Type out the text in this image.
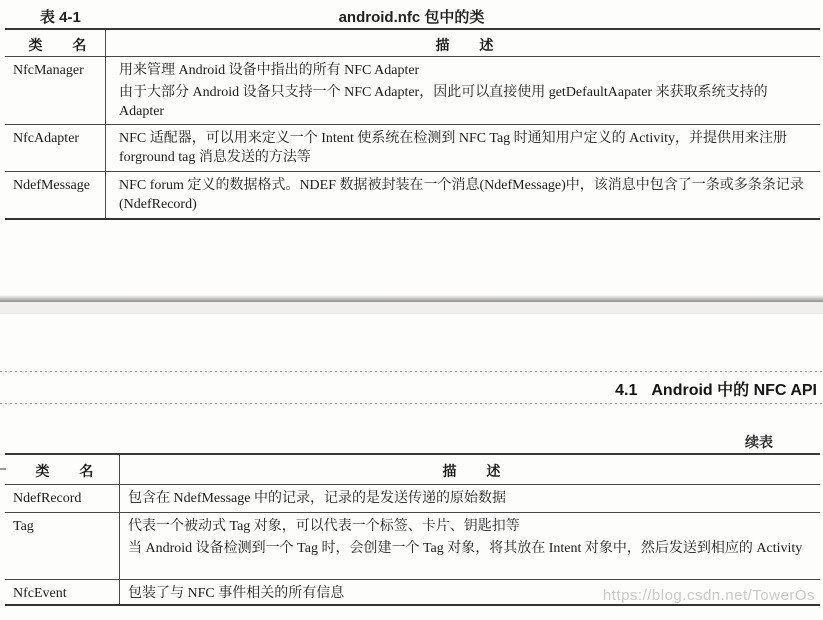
表 4-1	android.nfc 包中的类
类 名	描 述
NfcManager	用来管理 Android 设备中指出的所有 NFC Adapter

由于大部分 Android 设备只支持一个 NFC Adapter，因此可以直接使用 getDefaultAapater 来获取系统支持的 Adapter

NfcAdapter	NFC 适配器，可以用来定义一个 Intent 使系统在检测到 NFC Tag 时通知用户定义的 Activity，并提供用来注册 forground tag 消息发送的方法等

NdefMessage	NFC forum 定义的数据格式。NDEF 数据被封装在一个消息(NdefMessage)中，该消息中包含了一条或多条条记录(NdefRecord)

4.1 Android 中的 NFC API
续表
类 名	描 述
NdefRecord	包含在 NdefMessage 中的记录，记录的是发送传递的原始数据

Tag	代表一个被动式 Tag 对象，可以代表一个标签、卡片、钥匙扣等

当 Android 设备检测到一个 Tag 时，会创建一个 Tag 对象，将其放在 Intent 对象中，然后发送到相应的 Activity

NfcEvent	包装了与 NFC 事件相关的所有信息	https://blog.csdn.net/TowerOs
